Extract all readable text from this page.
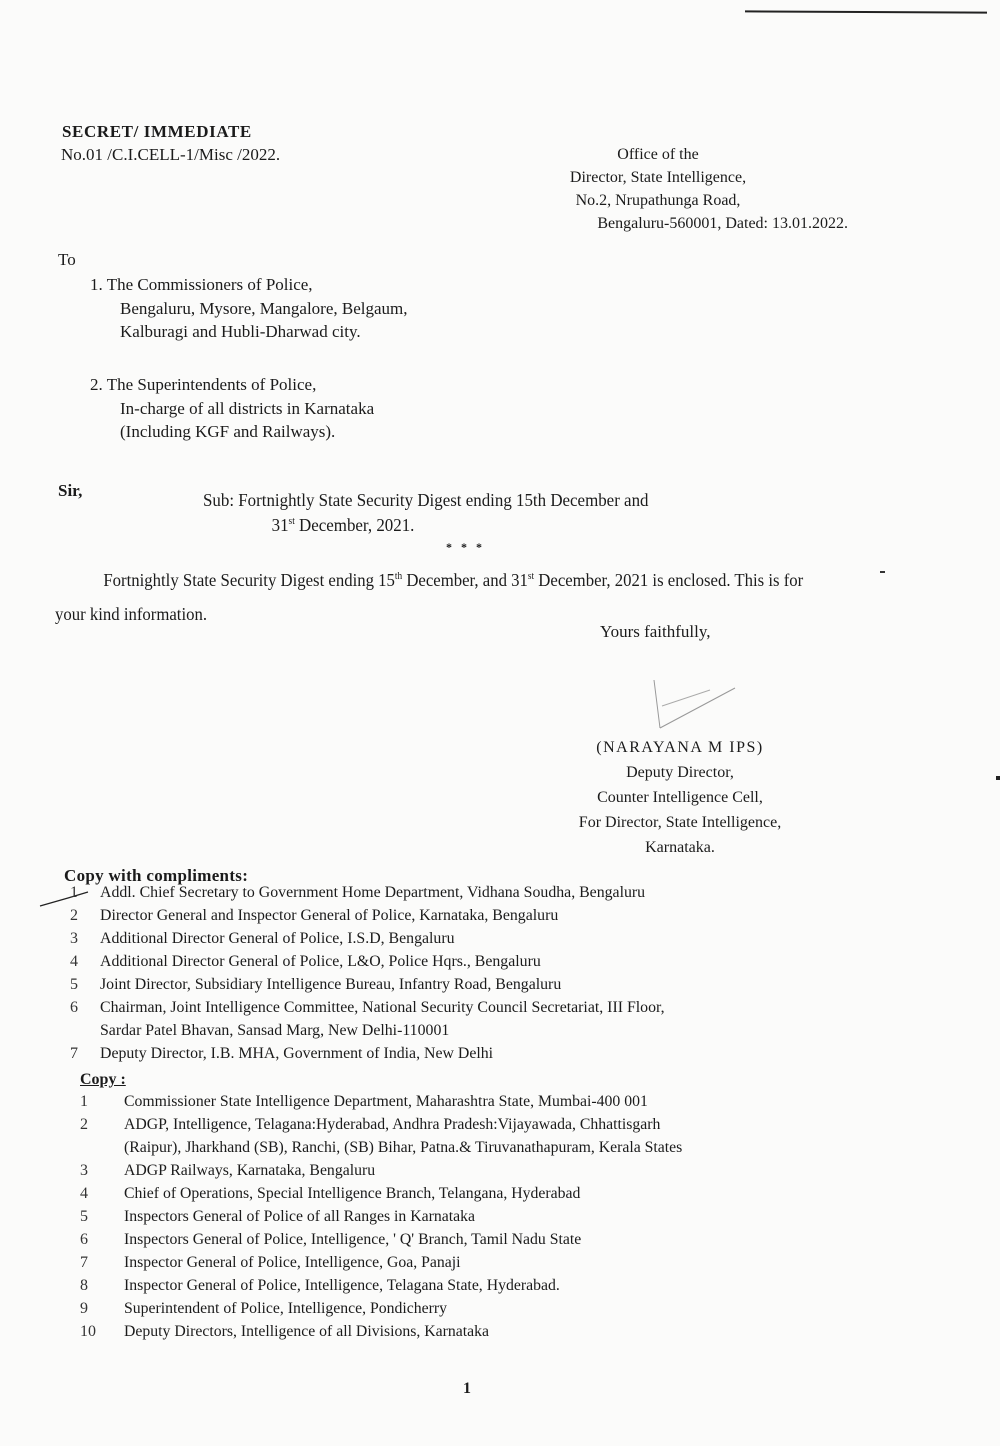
SECRET/ IMMEDIATE
No.01 /C.I.CELL-1/Misc /2022.	Office of the
Director, State Intelligence,
No.2, Nrupathunga Road,
Bengaluru-560001, Dated: 13.01.2022.
To
1. The Commissioners of Police,
Bengaluru, Mysore, Mangalore, Belgaum,
Kalburagi and Hubli-Dharwad city.
2. The Superintendents of Police,
In-charge of all districts in Karnataka
(Including KGF and Railways).
Sir,	Sub: Fortnightly State Security Digest ending 15th December and
31st December, 2021.
* * *
Fortnightly State Security Digest ending 15th December, and 31st December, 2021 is enclosed. This is for your kind information.
Yours faithfully,
(NARAYANA M IPS)
Deputy Director,
Counter Intelligence Cell,
For Director, State Intelligence,
Karnataka.
Copy with compliments:
1	Addl. Chief Secretary to Government Home Department, Vidhana Soudha, Bengaluru
2	Director General and Inspector General of Police, Karnataka, Bengaluru
3	Additional Director General of Police, I.S.D, Bengaluru
4	Additional Director General of Police, L&O, Police Hqrs., Bengaluru
5	Joint Director, Subsidiary Intelligence Bureau, Infantry Road, Bengaluru
6	Chairman, Joint Intelligence Committee, National Security Council Secretariat, III Floor,
Sardar Patel Bhavan, Sansad Marg, New Delhi-110001
7	Deputy Director, I.B. MHA, Government of India, New Delhi
Copy :
1	Commissioner State Intelligence Department, Maharashtra State, Mumbai-400 001
2	ADGP, Intelligence, Telagana:Hyderabad, Andhra Pradesh:Vijayawada, Chhattisgarh
(Raipur), Jharkhand (SB), Ranchi, (SB) Bihar, Patna.& Tiruvanathapuram, Kerala States
3	ADGP Railways, Karnataka, Bengaluru
4	Chief of Operations, Special Intelligence Branch, Telangana, Hyderabad
5	Inspectors General of Police of all Ranges in Karnataka
6	Inspectors General of Police, Intelligence, ' Q' Branch, Tamil Nadu State
7	Inspector General of Police, Intelligence, Goa, Panaji
8	Inspector General of Police, Intelligence, Telagana State, Hyderabad.
9	Superintendent of Police, Intelligence, Pondicherry
10	Deputy Directors, Intelligence of all Divisions, Karnataka
1
